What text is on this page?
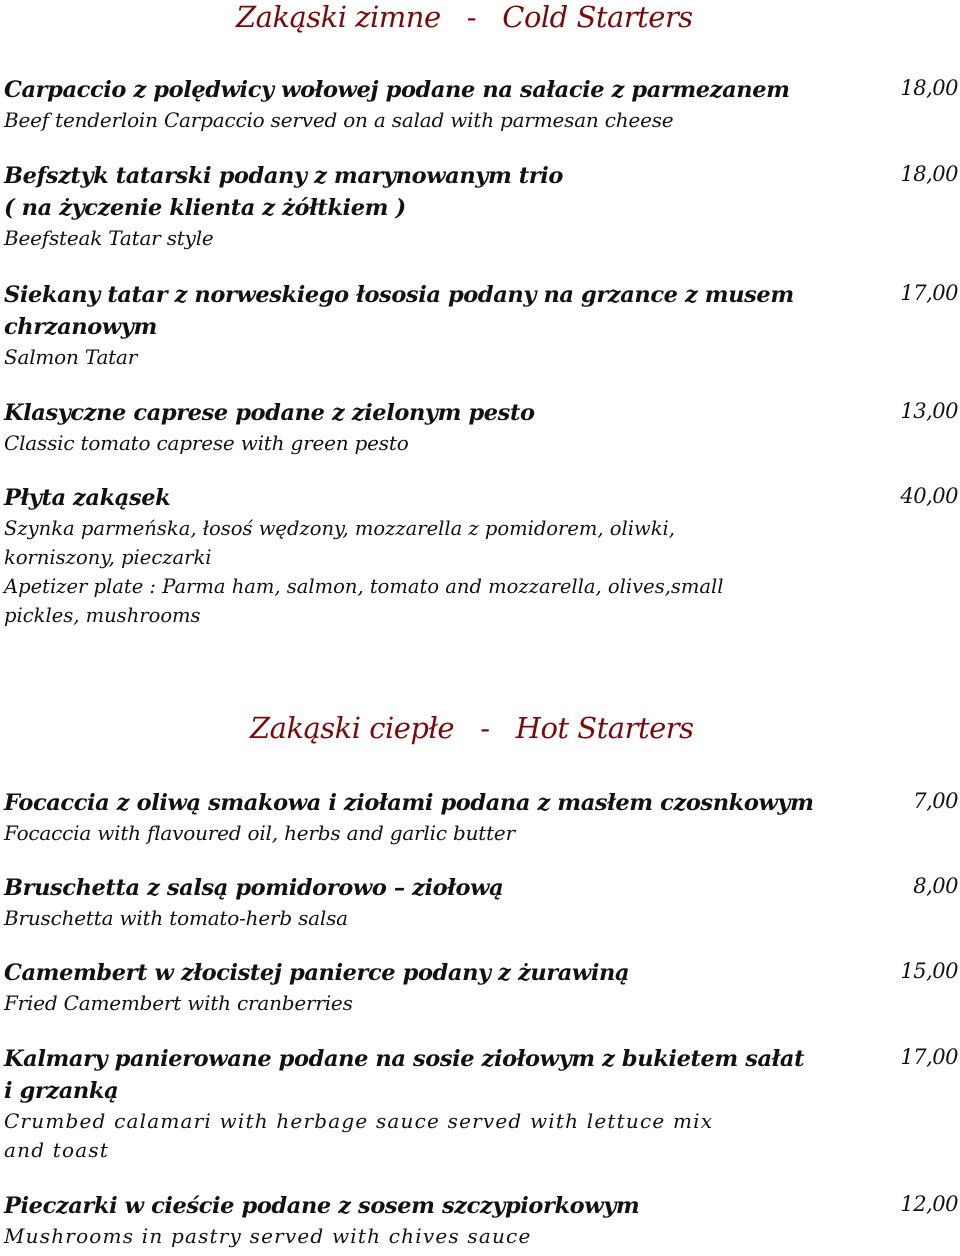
Zakąski zimne   -   Cold Starters
Carpaccio z polędwicy wołowej podane na sałacie z parmezanem
Beef tenderloin Carpaccio served on a salad with parmesan cheese
18,00
Befsztyk tatarski podany z marynowanym trio
( na życzenie klienta z żółtkiem )
Beefsteak Tatar style
18,00
Siekany tatar z norweskiego łososia podany na grzance z musem
chrzanowym
Salmon Tatar
17,00
Klasyczne caprese podane z zielonym pesto
Classic tomato caprese with green pesto
13,00
Płyta zakąsek
Szynka parmeńska, łosoś wędzony, mozzarella z pomidorem, oliwki,
korniszony, pieczarki
Apetizer plate : Parma ham, salmon, tomato and mozzarella, olives,small
pickles, mushrooms
40,00
Zakąski ciepłe   -   Hot Starters
Focaccia z oliwą smakowa i ziołami podana z masłem czosnkowym
Focaccia with flavoured oil, herbs and garlic butter
7,00
Bruschetta z salsą pomidorowo – ziołową
Bruschetta with tomato-herb salsa
8,00
Camembert w złocistej panierce podany z żurawiną
Fried Camembert with cranberries
15,00
Kalmary panierowane podane na sosie ziołowym z bukietem sałat
i grzanką
Crumbed calamari with herbage sauce served with lettuce mix
and toast
17,00
Pieczarki w cieście podane z sosem szczypiorkowym
Mushrooms in pastry served with chives sauce
12,00
